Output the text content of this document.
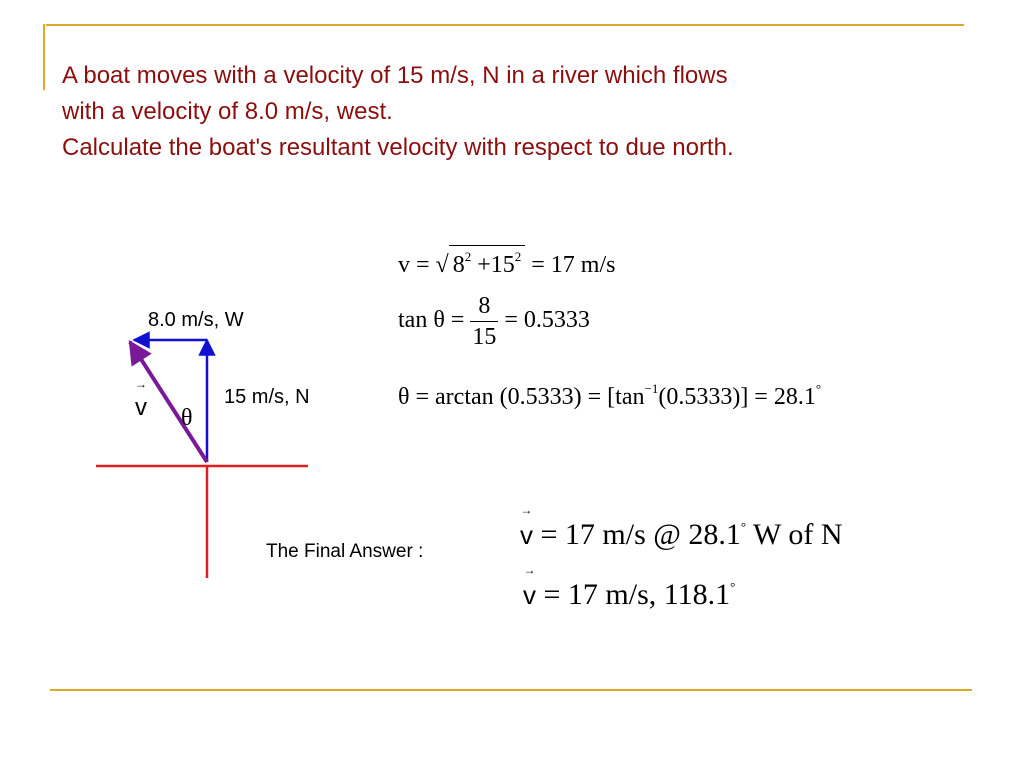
A boat moves with a velocity of 15 m/s, N in a river which flows
with a velocity of 8.0 m/s, west.
Calculate the boat's resultant velocity with respect to due north.
8.0 m/s, W
15 m/s, N
→
v θ
v = √ $8^2 +15^2 = 17$ m/s
$\tan \theta = \frac{8}{15} = 0.5333$
$\theta = \arctan (0.5333) = [\tan^{-1}(0.5333)] = 28.1^\circ$
The Final Answer :
→
v = 17 m/s @ 28.1° W of N
→
v = 17 m/s, 118.1°
